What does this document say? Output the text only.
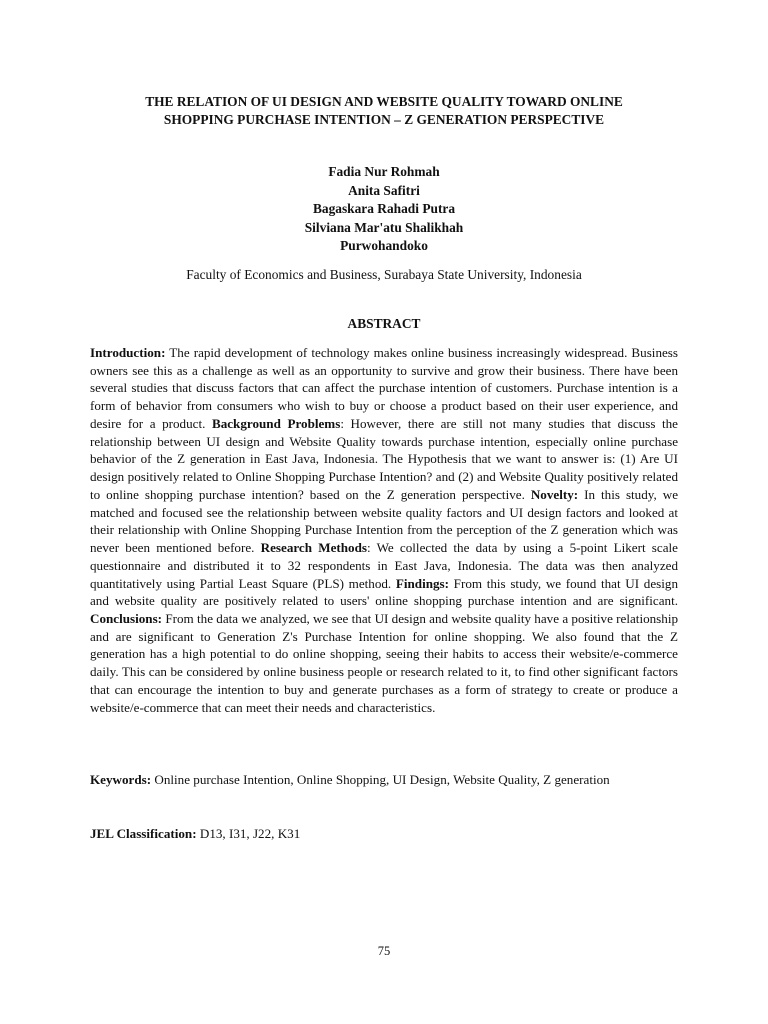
THE RELATION OF UI DESIGN AND WEBSITE QUALITY TOWARD ONLINE
SHOPPING PURCHASE INTENTION – Z GENERATION PERSPECTIVE
Fadia Nur Rohmah
Anita Safitri
Bagaskara Rahadi Putra
Silviana Mar'atu Shalikhah
Purwohandoko
Faculty of Economics and Business, Surabaya State University, Indonesia
ABSTRACT
Introduction: The rapid development of technology makes online business increasingly widespread. Business owners see this as a challenge as well as an opportunity to survive and grow their business. There have been several studies that discuss factors that can affect the purchase intention of customers. Purchase intention is a form of behavior from consumers who wish to buy or choose a product based on their user experience, and desire for a product. Background Problems: However, there are still not many studies that discuss the relationship between UI design and Website Quality towards purchase intention, especially online purchase behavior of the Z generation in East Java, Indonesia. The Hypothesis that we want to answer is: (1) Are UI design positively related to Online Shopping Purchase Intention? and (2) and Website Quality positively related to online shopping purchase intention? based on the Z generation perspective. Novelty: In this study, we matched and focused see the relationship between website quality factors and UI design factors and looked at their relationship with Online Shopping Purchase Intention from the perception of the Z generation which was never been mentioned before. Research Methods: We collected the data by using a 5-point Likert scale questionnaire and distributed it to 32 respondents in East Java, Indonesia. The data was then analyzed quantitatively using Partial Least Square (PLS) method. Findings: From this study, we found that UI design and website quality are positively related to users' online shopping purchase intention and are significant. Conclusions: From the data we analyzed, we see that UI design and website quality have a positive relationship and are significant to Generation Z's Purchase Intention for online shopping. We also found that the Z generation has a high potential to do online shopping, seeing their habits to access their website/e-commerce daily. This can be considered by online business people or research related to it, to find other significant factors that can encourage the intention to buy and generate purchases as a form of strategy to create or produce a website/e-commerce that can meet their needs and characteristics.
Keywords: Online purchase Intention, Online Shopping, UI Design, Website Quality, Z generation
JEL Classification: D13, I31, J22, K31
75
